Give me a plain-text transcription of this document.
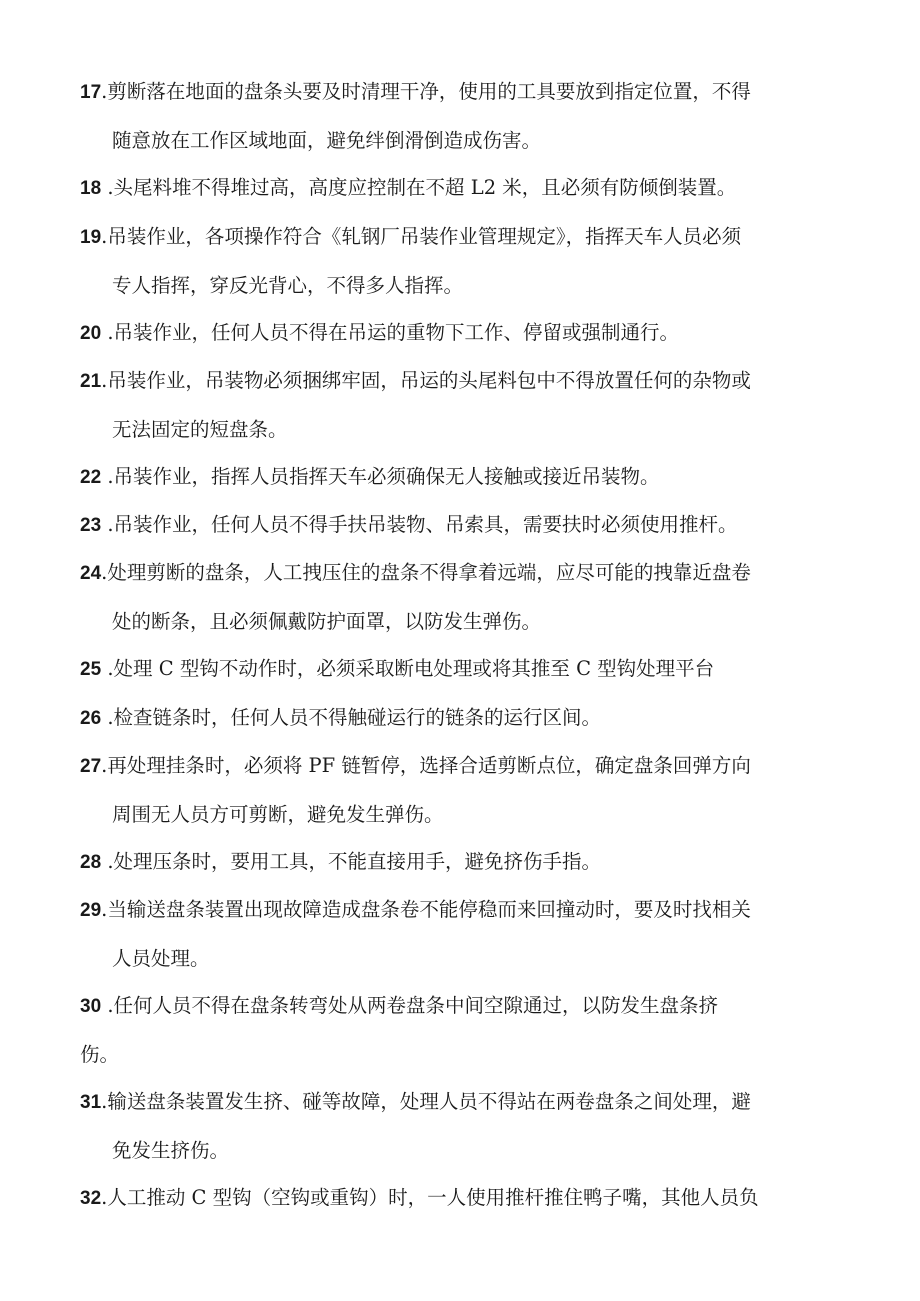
17.剪断落在地面的盘条头要及时清理干净，使用的工具要放到指定位置，不得
随意放在工作区域地面，避免绊倒滑倒造成伤害。
18 .头尾料堆不得堆过高，高度应控制在不超 L2 米，且必须有防倾倒装置。
19.吊装作业，各项操作符合《轧钢厂吊装作业管理规定》，指挥天车人员必须
专人指挥，穿反光背心，不得多人指挥。
20 .吊装作业，任何人员不得在吊运的重物下工作、停留或强制通行。
21.吊装作业，吊装物必须捆绑牢固，吊运的头尾料包中不得放置任何的杂物或
无法固定的短盘条。
22 .吊装作业，指挥人员指挥天车必须确保无人接触或接近吊装物。
23 .吊装作业，任何人员不得手扶吊装物、吊索具，需要扶时必须使用推杆。
24.处理剪断的盘条，人工拽压住的盘条不得拿着远端，应尽可能的拽靠近盘卷
处的断条，且必须佩戴防护面罩，以防发生弹伤。
25 .处理 C 型钩不动作时，必须采取断电处理或将其推至 C 型钩处理平台
26 .检查链条时，任何人员不得触碰运行的链条的运行区间。
27.再处理挂条时，必须将 PF 链暂停，选择合适剪断点位，确定盘条回弹方向
周围无人员方可剪断，避免发生弹伤。
28 .处理压条时，要用工具，不能直接用手，避免挤伤手指。
29.当输送盘条装置出现故障造成盘条卷不能停稳而来回撞动时，要及时找相关
人员处理。
30 .任何人员不得在盘条转弯处从两卷盘条中间空隙通过，以防发生盘条挤
伤。
31.输送盘条装置发生挤、碰等故障，处理人员不得站在两卷盘条之间处理，避
免发生挤伤。
32.人工推动 C 型钩（空钩或重钩）时，一人使用推杆推住鸭子嘴，其他人员负
